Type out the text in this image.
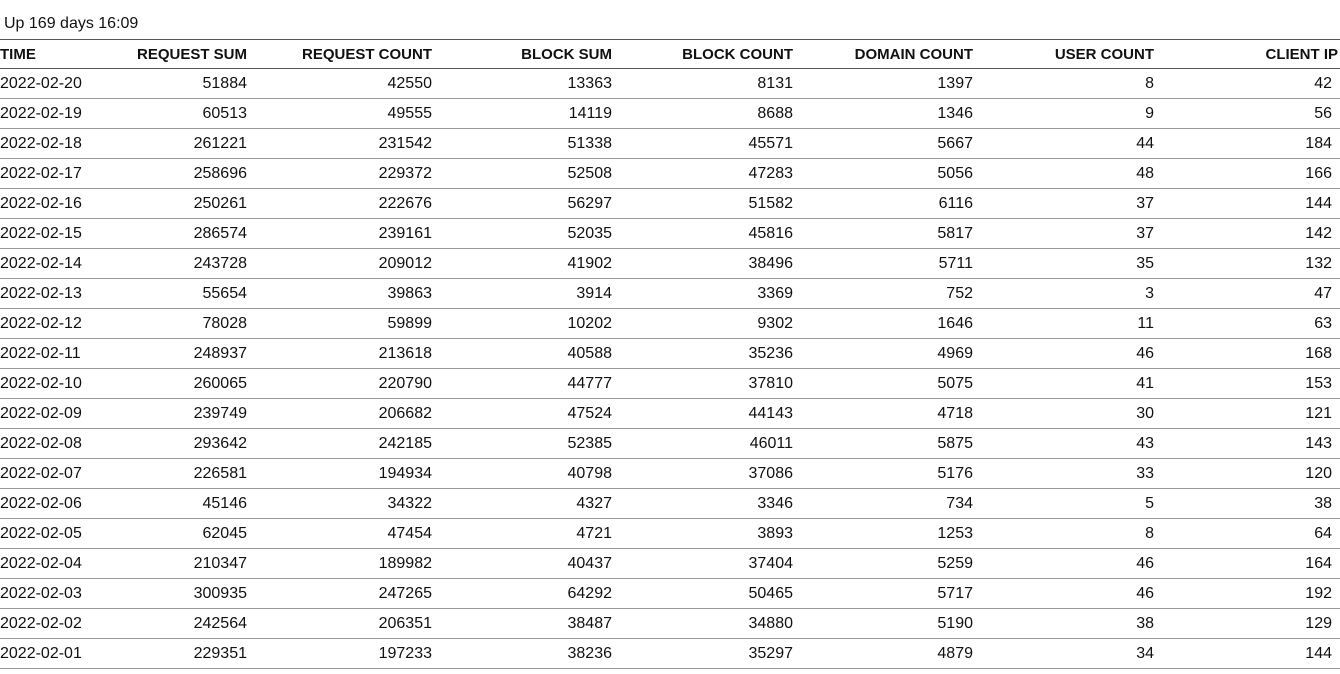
Up 169 days 16:09
TIME	REQUEST SUM	REQUEST COUNT	BLOCK SUM	BLOCK COUNT	DOMAIN COUNT	USER COUNT	CLIENT IP
2022-02-20	51884	42550	13363	8131	1397	8	42
2022-02-19	60513	49555	14119	8688	1346	9	56
2022-02-18	261221	231542	51338	45571	5667	44	184
2022-02-17	258696	229372	52508	47283	5056	48	166
2022-02-16	250261	222676	56297	51582	6116	37	144
2022-02-15	286574	239161	52035	45816	5817	37	142
2022-02-14	243728	209012	41902	38496	5711	35	132
2022-02-13	55654	39863	3914	3369	752	3	47
2022-02-12	78028	59899	10202	9302	1646	11	63
2022-02-11	248937	213618	40588	35236	4969	46	168
2022-02-10	260065	220790	44777	37810	5075	41	153
2022-02-09	239749	206682	47524	44143	4718	30	121
2022-02-08	293642	242185	52385	46011	5875	43	143
2022-02-07	226581	194934	40798	37086	5176	33	120
2022-02-06	45146	34322	4327	3346	734	5	38
2022-02-05	62045	47454	4721	3893	1253	8	64
2022-02-04	210347	189982	40437	37404	5259	46	164
2022-02-03	300935	247265	64292	50465	5717	46	192
2022-02-02	242564	206351	38487	34880	5190	38	129
2022-02-01	229351	197233	38236	35297	4879	34	144
